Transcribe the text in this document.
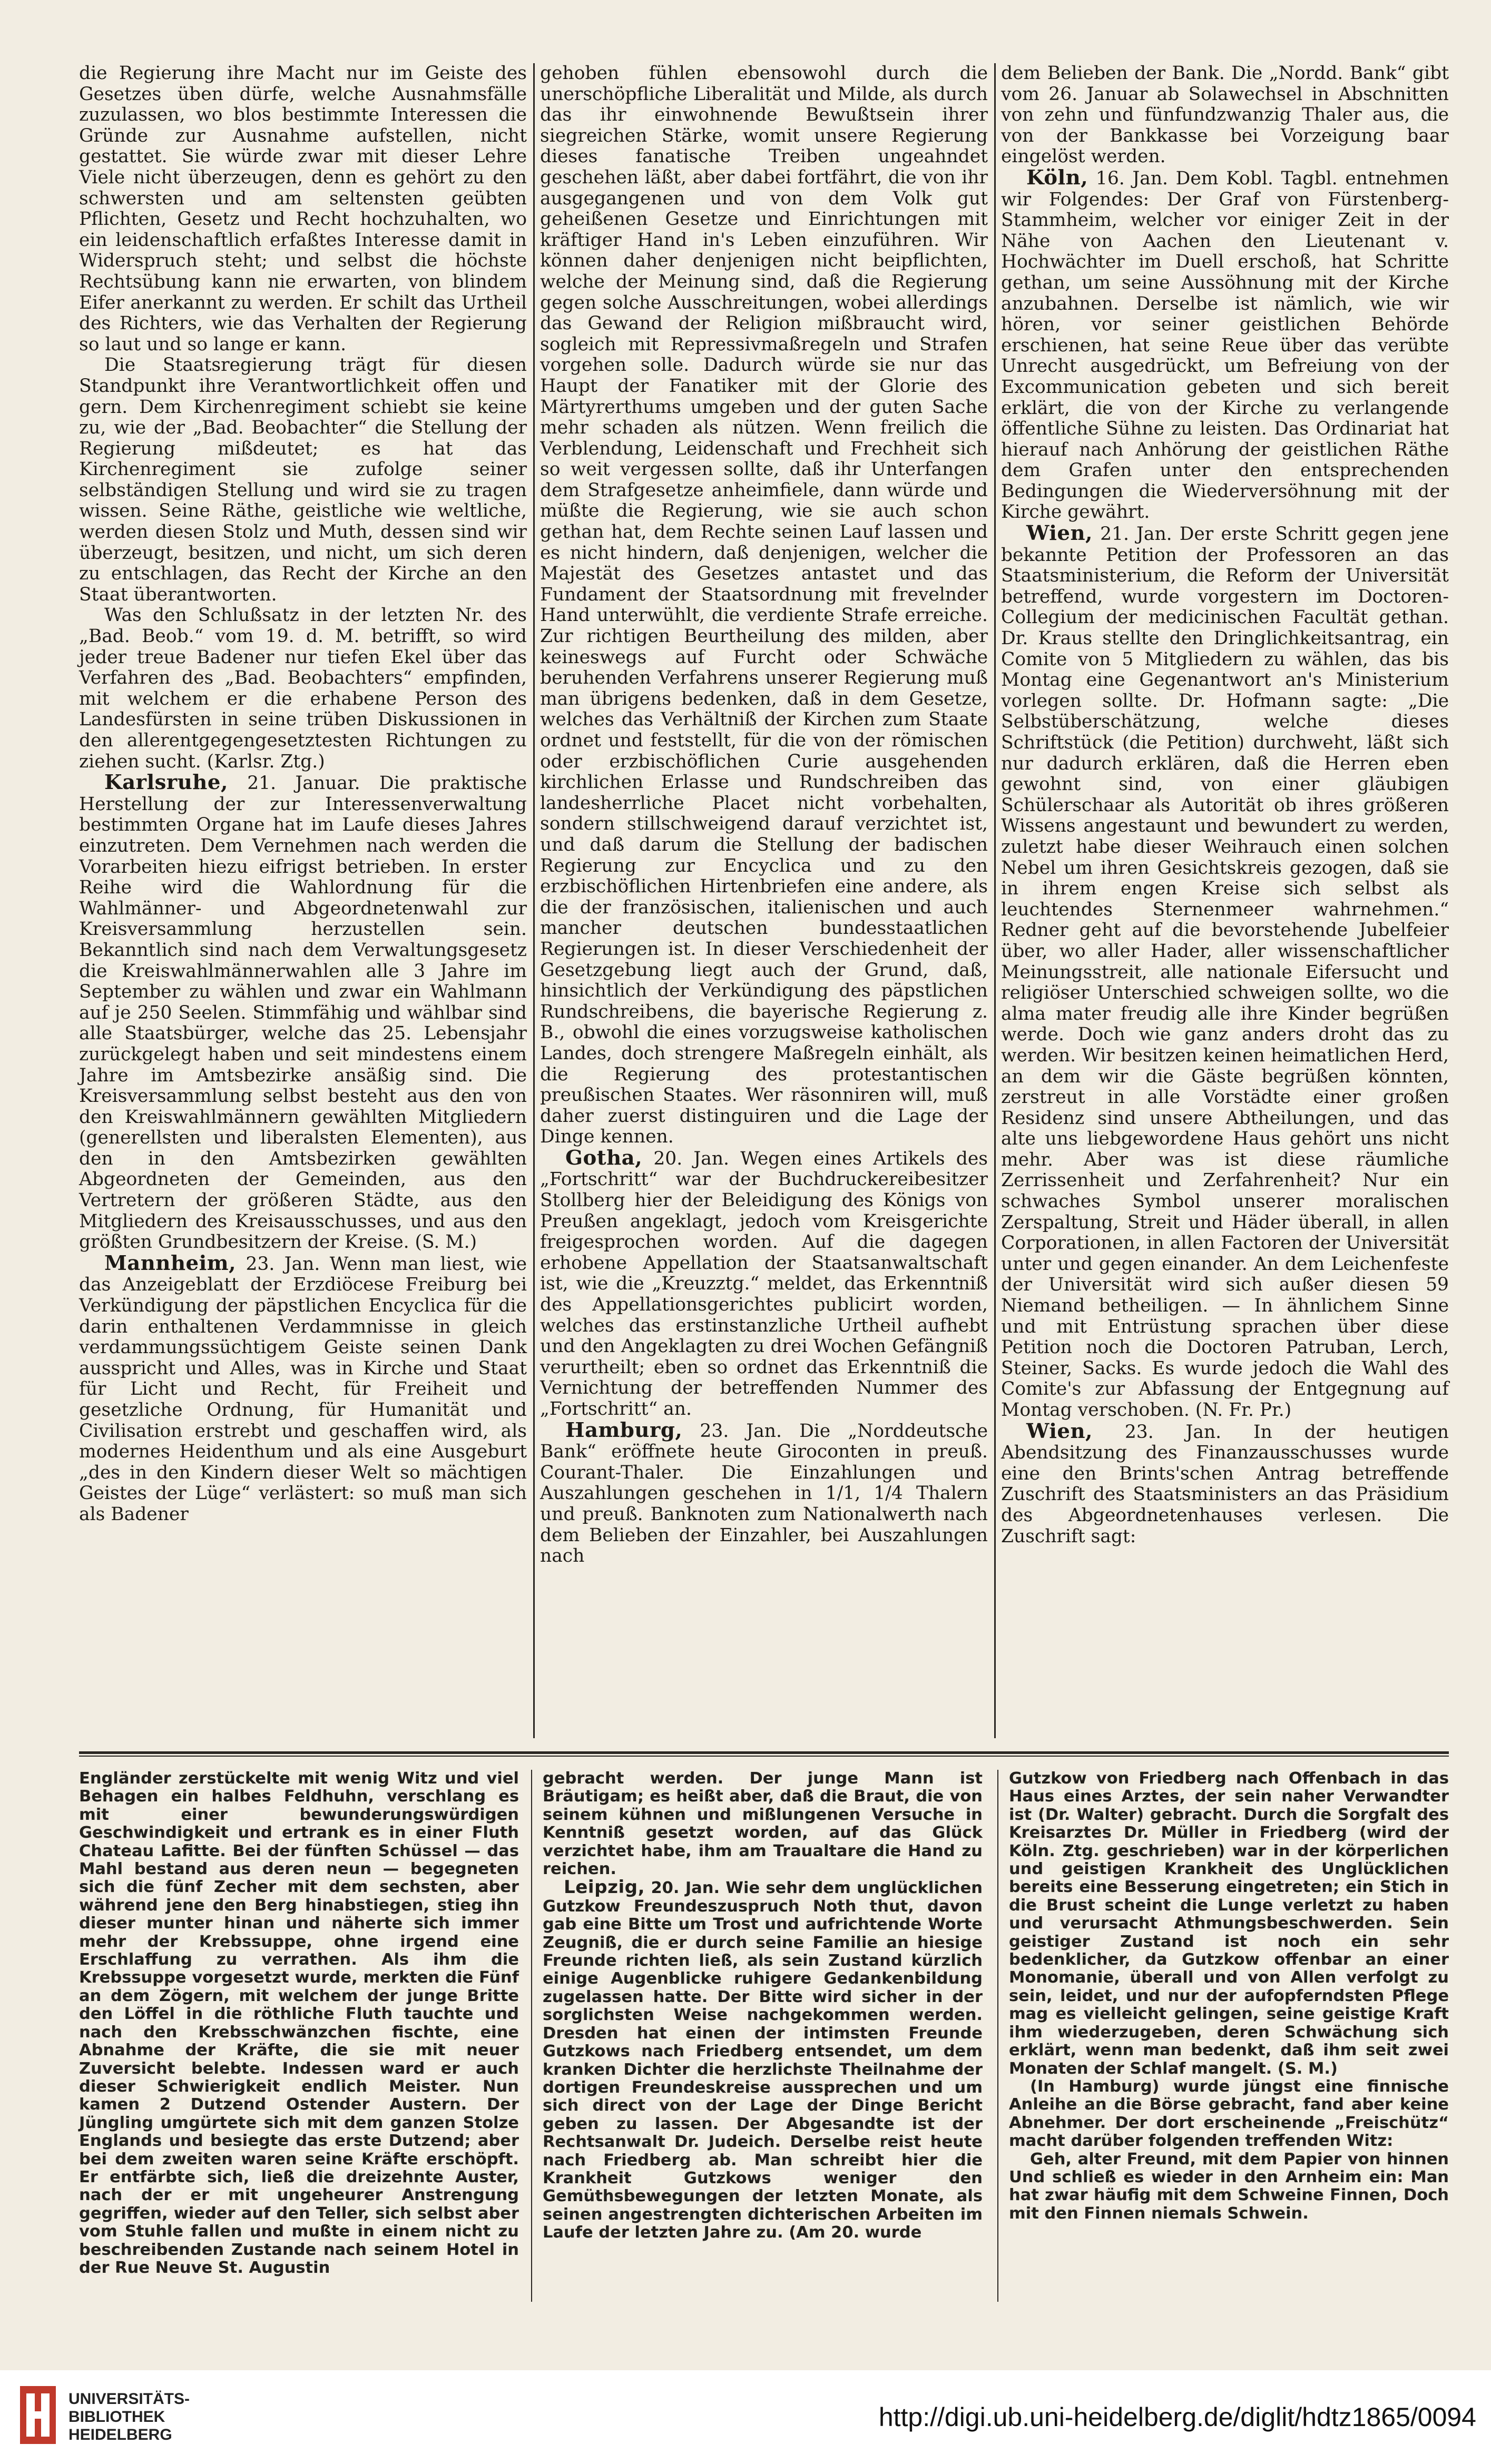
die Regierung ihre Macht nur im Geiste des Gesetzes üben dürfe, welche Ausnahmsfälle zuzulassen, wo blos bestimmte Interessen die Gründe zur Ausnahme aufstellen, nicht gestattet. Sie würde zwar mit dieser Lehre Viele nicht überzeugen, denn es gehört zu den schwersten und am seltensten geübten Pflichten, Gesetz und Recht hochzuhalten, wo ein leidenschaftlich erfaßtes Interesse damit in Widerspruch steht; und selbst die höchste Rechtsübung kann nie erwarten, von blindem Eifer anerkannt zu werden. Er schilt das Urtheil des Richters, wie das Verhalten der Regierung so laut und so lange er kann.

Die Staatsregierung trägt für diesen Standpunkt ihre Verantwortlichkeit offen und gern. Dem Kirchenregiment schiebt sie keine zu, wie der „Bad. Beobachter“ die Stellung der Regierung mißdeutet; es hat das Kirchenregiment sie zufolge seiner selbständigen Stellung und wird sie zu tragen wissen. Seine Räthe, geistliche wie weltliche, werden diesen Stolz und Muth, dessen sind wir überzeugt, besitzen, und nicht, um sich deren zu entschlagen, das Recht der Kirche an den Staat überantworten.

Was den Schlußsatz in der letzten Nr. des „Bad. Beob.“ vom 19. d. M. betrifft, so wird jeder treue Badener nur tiefen Ekel über das Verfahren des „Bad. Beobachters“ empfinden, mit welchem er die erhabene Person des Landesfürsten in seine trüben Diskussionen in den allerentgegengesetztesten Richtungen zu ziehen sucht. (Karlsr. Ztg.)

Karlsruhe, 21. Januar. Die praktische Herstellung der zur Interessenverwaltung bestimmten Organe hat im Laufe dieses Jahres einzutreten. Dem Vernehmen nach werden die Vorarbeiten hiezu eifrigst betrieben. In erster Reihe wird die Wahlordnung für die Wahlmänner- und Abgeordnetenwahl zur Kreisversammlung herzustellen sein. Bekanntlich sind nach dem Verwaltungsgesetz die Kreiswahlmännerwahlen alle 3 Jahre im September zu wählen und zwar ein Wahlmann auf je 250 Seelen. Stimmfähig und wählbar sind alle Staatsbürger, welche das 25. Lebensjahr zurückgelegt haben und seit mindestens einem Jahre im Amtsbezirke ansäßig sind. Die Kreisversammlung selbst besteht aus den von den Kreiswahlmännern gewählten Mitgliedern (generellsten und liberalsten Elementen), aus den in den Amtsbezirken gewählten Abgeordneten der Gemeinden, aus den Vertretern der größeren Städte, aus den Mitgliedern des Kreisausschusses, und aus den größten Grundbesitzern der Kreise. (S. M.)

Mannheim, 23. Jan. Wenn man liest, wie das Anzeigeblatt der Erzdiöcese Freiburg bei Verkündigung der päpstlichen Encyclica für die darin enthaltenen Verdammnisse in gleich verdammungssüchtigem Geiste seinen Dank ausspricht und Alles, was in Kirche und Staat für Licht und Recht, für Freiheit und gesetzliche Ordnung, für Humanität und Civilisation erstrebt und geschaffen wird, als modernes Heidenthum und als eine Ausgeburt „des in den Kindern dieser Welt so mächtigen Geistes der Lüge“ verlästert: so muß man sich als Badener

gehoben fühlen ebensowohl durch die unerschöpfliche Liberalität und Milde, als durch das ihr einwohnende Bewußtsein ihrer siegreichen Stärke, womit unsere Regierung dieses fanatische Treiben ungeahndet geschehen läßt, aber dabei fortfährt, die von ihr ausgegangenen und von dem Volk gut geheißenen Gesetze und Einrichtungen mit kräftiger Hand in's Leben einzuführen. Wir können daher denjenigen nicht beipflichten, welche der Meinung sind, daß die Regierung gegen solche Ausschreitungen, wobei allerdings das Gewand der Religion mißbraucht wird, sogleich mit Repressivmaßregeln und Strafen vorgehen solle. Dadurch würde sie nur das Haupt der Fanatiker mit der Glorie des Märtyrerthums umgeben und der guten Sache mehr schaden als nützen. Wenn freilich die Verblendung, Leidenschaft und Frechheit sich so weit vergessen sollte, daß ihr Unterfangen dem Strafgesetze anheimfiele, dann würde und müßte die Regierung, wie sie auch schon gethan hat, dem Rechte seinen Lauf lassen und es nicht hindern, daß denjenigen, welcher die Majestät des Gesetzes antastet und das Fundament der Staatsordnung mit frevelnder Hand unterwühlt, die verdiente Strafe erreiche. Zur richtigen Beurtheilung des milden, aber keineswegs auf Furcht oder Schwäche beruhenden Verfahrens unserer Regierung muß man übrigens bedenken, daß in dem Gesetze, welches das Verhältniß der Kirchen zum Staate ordnet und feststellt, für die von der römischen oder erzbischöflichen Curie ausgehenden kirchlichen Erlasse und Rundschreiben das landesherrliche Placet nicht vorbehalten, sondern stillschweigend darauf verzichtet ist, und daß darum die Stellung der badischen Regierung zur Encyclica und zu den erzbischöflichen Hirtenbriefen eine andere, als die der französischen, italienischen und auch mancher deutschen bundesstaatlichen Regierungen ist. In dieser Verschiedenheit der Gesetzgebung liegt auch der Grund, daß, hinsichtlich der Verkündigung des päpstlichen Rundschreibens, die bayerische Regierung z. B., obwohl die eines vorzugsweise katholischen Landes, doch strengere Maßregeln einhält, als die Regierung des protestantischen preußischen Staates. Wer räsonniren will, muß daher zuerst distinguiren und die Lage der Dinge kennen.

Gotha, 20. Jan. Wegen eines Artikels des „Fortschritt“ war der Buchdruckereibesitzer Stollberg hier der Beleidigung des Königs von Preußen angeklagt, jedoch vom Kreisgerichte freigesprochen worden. Auf die dagegen erhobene Appellation der Staatsanwaltschaft ist, wie die „Kreuzztg.“ meldet, das Erkenntniß des Appellationsgerichtes publicirt worden, welches das erstinstanzliche Urtheil aufhebt und den Angeklagten zu drei Wochen Gefängniß verurtheilt; eben so ordnet das Erkenntniß die Vernichtung der betreffenden Nummer des „Fortschritt“ an.

Hamburg, 23. Jan. Die „Norddeutsche Bank“ eröffnete heute Giroconten in preuß. Courant-Thaler. Die Einzahlungen und Auszahlungen geschehen in 1/1, 1/4 Thalern und preuß. Banknoten zum Nationalwerth nach dem Belieben der Einzahler, bei Auszahlungen nach

dem Belieben der Bank. Die „Nordd. Bank“ gibt vom 26. Januar ab Solawechsel in Abschnitten von zehn und fünfundzwanzig Thaler aus, die von der Bankkasse bei Vorzeigung baar eingelöst werden.

Köln, 16. Jan. Dem Kobl. Tagbl. entnehmen wir Folgendes: Der Graf von Fürstenberg-Stammheim, welcher vor einiger Zeit in der Nähe von Aachen den Lieutenant v. Hochwächter im Duell erschoß, hat Schritte gethan, um seine Aussöhnung mit der Kirche anzubahnen. Derselbe ist nämlich, wie wir hören, vor seiner geistlichen Behörde erschienen, hat seine Reue über das verübte Unrecht ausgedrückt, um Befreiung von der Excommunication gebeten und sich bereit erklärt, die von der Kirche zu verlangende öffentliche Sühne zu leisten. Das Ordinariat hat hierauf nach Anhörung der geistlichen Räthe dem Grafen unter den entsprechenden Bedingungen die Wiederversöhnung mit der Kirche gewährt.

Wien, 21. Jan. Der erste Schritt gegen jene bekannte Petition der Professoren an das Staatsministerium, die Reform der Universität betreffend, wurde vorgestern im Doctoren-Collegium der medicinischen Facultät gethan. Dr. Kraus stellte den Dringlichkeitsantrag, ein Comite von 5 Mitgliedern zu wählen, das bis Montag eine Gegenantwort an's Ministerium vorlegen sollte. Dr. Hofmann sagte: „Die Selbstüberschätzung, welche dieses Schriftstück (die Petition) durchweht, läßt sich nur dadurch erklären, daß die Herren eben gewohnt sind, von einer gläubigen Schülerschaar als Autorität ob ihres größeren Wissens angestaunt und bewundert zu werden, zuletzt habe dieser Weihrauch einen solchen Nebel um ihren Gesichtskreis gezogen, daß sie in ihrem engen Kreise sich selbst als leuchtendes Sternenmeer wahrnehmen.“ Redner geht auf die bevorstehende Jubelfeier über, wo aller Hader, aller wissenschaftlicher Meinungsstreit, alle nationale Eifersucht und religiöser Unterschied schweigen sollte, wo die alma mater freudig alle ihre Kinder begrüßen werde. Doch wie ganz anders droht das zu werden. Wir besitzen keinen heimatlichen Herd, an dem wir die Gäste begrüßen könnten, zerstreut in alle Vorstädte einer großen Residenz sind unsere Abtheilungen, und das alte uns liebgewordene Haus gehört uns nicht mehr. Aber was ist diese räumliche Zerrissenheit und Zerfahrenheit? Nur ein schwaches Symbol unserer moralischen Zerspaltung, Streit und Häder überall, in allen Corporationen, in allen Factoren der Universität unter und gegen einander. An dem Leichenfeste der Universität wird sich außer diesen 59 Niemand betheiligen. — In ähnlichem Sinne und mit Entrüstung sprachen über diese Petition noch die Doctoren Patruban, Lerch, Steiner, Sacks. Es wurde jedoch die Wahl des Comite's zur Abfassung der Entgegnung auf Montag verschoben. (N. Fr. Pr.)

Wien, 23. Jan. In der heutigen Abendsitzung des Finanzausschusses wurde eine den Brints'schen Antrag betreffende Zuschrift des Staatsministers an das Präsidium des Abgeordnetenhauses verlesen. Die Zuschrift sagt:

Engländer zerstückelte mit wenig Witz und viel Behagen ein halbes Feldhuhn, verschlang es mit einer bewunderungswürdigen Geschwindigkeit und ertrank es in einer Fluth Chateau Lafitte. Bei der fünften Schüssel — das Mahl bestand aus deren neun — begegneten sich die fünf Zecher mit dem sechsten, aber während jene den Berg hinabstiegen, stieg ihn dieser munter hinan und näherte sich immer mehr der Krebssuppe, ohne irgend eine Erschlaffung zu verrathen. Als ihm die Krebssuppe vorgesetzt wurde, merkten die Fünf an dem Zögern, mit welchem der junge Britte den Löffel in die röthliche Fluth tauchte und nach den Krebsschwänzchen fischte, eine Abnahme der Kräfte, die sie mit neuer Zuversicht belebte. Indessen ward er auch dieser Schwierigkeit endlich Meister. Nun kamen 2 Dutzend Ostender Austern. Der Jüngling umgürtete sich mit dem ganzen Stolze Englands und besiegte das erste Dutzend; aber bei dem zweiten waren seine Kräfte erschöpft. Er entfärbte sich, ließ die dreizehnte Auster, nach der er mit ungeheurer Anstrengung gegriffen, wieder auf den Teller, sich selbst aber vom Stuhle fallen und mußte in einem nicht zu beschreibenden Zustande nach seinem Hotel in der Rue Neuve St. Augustin

gebracht werden. Der junge Mann ist Bräutigam; es heißt aber, daß die Braut, die von seinem kühnen und mißlungenen Versuche in Kenntniß gesetzt worden, auf das Glück verzichtet habe, ihm am Traualtare die Hand zu reichen.

Leipzig, 20. Jan. Wie sehr dem unglücklichen Gutzkow Freundeszuspruch Noth thut, davon gab eine Bitte um Trost und aufrichtende Worte Zeugniß, die er durch seine Familie an hiesige Freunde richten ließ, als sein Zustand kürzlich einige Augenblicke ruhigere Gedankenbildung zugelassen hatte. Der Bitte wird sicher in der sorglichsten Weise nachgekommen werden. Dresden hat einen der intimsten Freunde Gutzkows nach Friedberg entsendet, um dem kranken Dichter die herzlichste Theilnahme der dortigen Freundeskreise aussprechen und um sich direct von der Lage der Dinge Bericht geben zu lassen. Der Abgesandte ist der Rechtsanwalt Dr. Judeich. Derselbe reist heute nach Friedberg ab. Man schreibt hier die Krankheit Gutzkows weniger den Gemüthsbewegungen der letzten Monate, als seinen angestrengten dichterischen Arbeiten im Laufe der letzten Jahre zu. (Am 20. wurde

Gutzkow von Friedberg nach Offenbach in das Haus eines Arztes, der sein naher Verwandter ist (Dr. Walter) gebracht. Durch die Sorgfalt des Kreisarztes Dr. Müller in Friedberg (wird der Köln. Ztg. geschrieben) war in der körperlichen und geistigen Krankheit des Unglücklichen bereits eine Besserung eingetreten; ein Stich in die Brust scheint die Lunge verletzt zu haben und verursacht Athmungsbeschwerden. Sein geistiger Zustand ist noch ein sehr bedenklicher, da Gutzkow offenbar an einer Monomanie, überall und von Allen verfolgt zu sein, leidet, und nur der aufopferndsten Pflege mag es vielleicht gelingen, seine geistige Kraft ihm wiederzugeben, deren Schwächung sich erklärt, wenn man bedenkt, daß ihm seit zwei Monaten der Schlaf mangelt. (S. M.)

(In Hamburg) wurde jüngst eine finnische Anleihe an die Börse gebracht, fand aber keine Abnehmer. Der dort erscheinende „Freischütz“ macht darüber folgenden treffenden Witz:

Geh, alter Freund, mit dem Papier von hinnen Und schließ es wieder in den Arnheim ein: Man hat zwar häufig mit dem Schweine Finnen, Doch mit den Finnen niemals Schwein.

UNIVERSITÄTS-
BIBLIOTHEK
HEIDELBERG
http://digi.ub.uni-heidelberg.de/diglit/hdtz1865/0094
